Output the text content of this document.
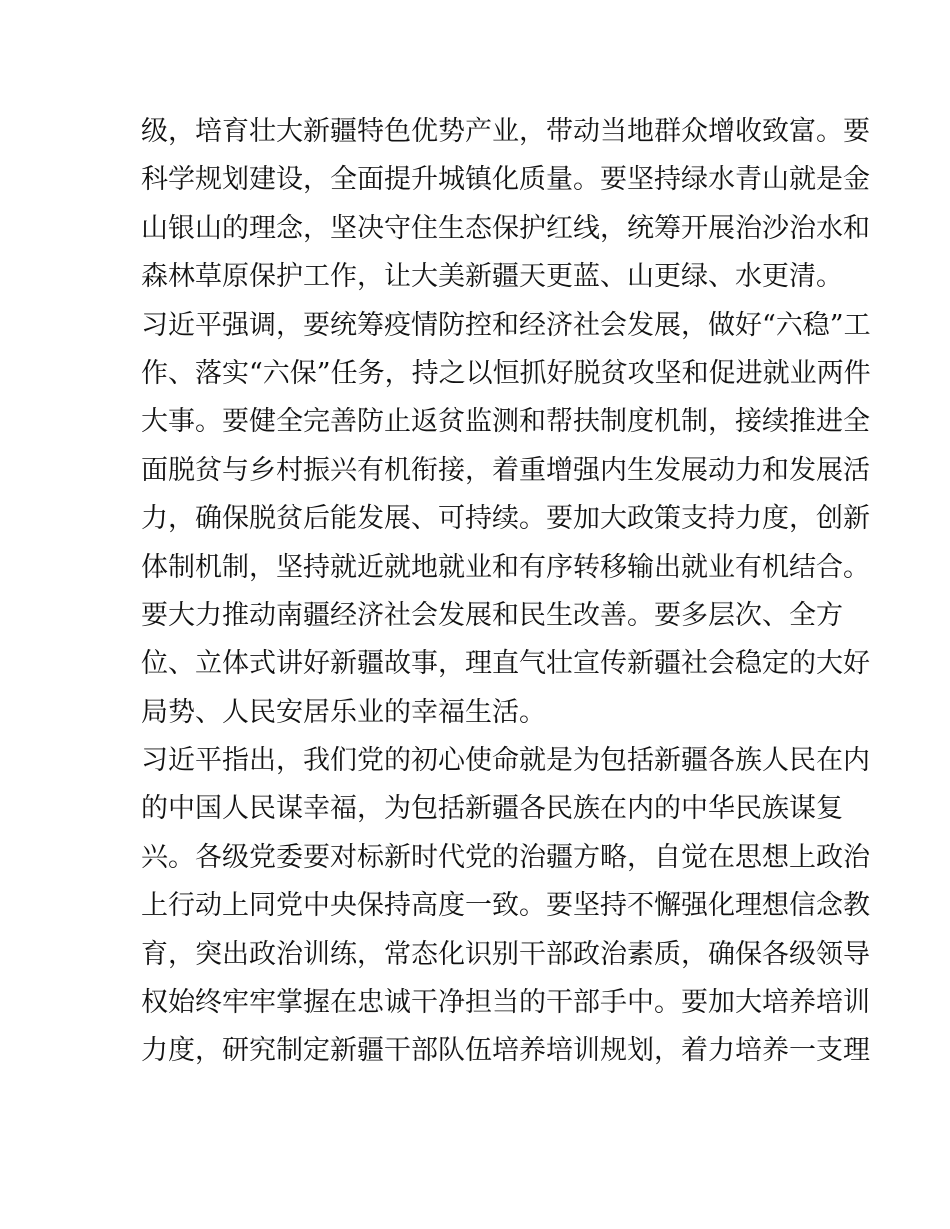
级，培育壮大新疆特色优势产业，带动当地群众增收致富。要
科学规划建设，全面提升城镇化质量。要坚持绿水青山就是金
山银山的理念，坚决守住生态保护红线，统筹开展治沙治水和
森林草原保护工作，让大美新疆天更蓝、山更绿、水更清。
习近平强调，要统筹疫情防控和经济社会发展，做好“六稳”工
作、落实“六保”任务，持之以恒抓好脱贫攻坚和促进就业两件
大事。要健全完善防止返贫监测和帮扶制度机制，接续推进全
面脱贫与乡村振兴有机衔接，着重增强内生发展动力和发展活
力，确保脱贫后能发展、可持续。要加大政策支持力度，创新
体制机制，坚持就近就地就业和有序转移输出就业有机结合。
要大力推动南疆经济社会发展和民生改善。要多层次、全方
位、立体式讲好新疆故事，理直气壮宣传新疆社会稳定的大好
局势、人民安居乐业的幸福生活。
习近平指出，我们党的初心使命就是为包括新疆各族人民在内
的中国人民谋幸福，为包括新疆各民族在内的中华民族谋复
兴。各级党委要对标新时代党的治疆方略，自觉在思想上政治
上行动上同党中央保持高度一致。要坚持不懈强化理想信念教
育，突出政治训练，常态化识别干部政治素质，确保各级领导
权始终牢牢掌握在忠诚干净担当的干部手中。要加大培养培训
力度，研究制定新疆干部队伍培养培训规划，着力培养一支理
